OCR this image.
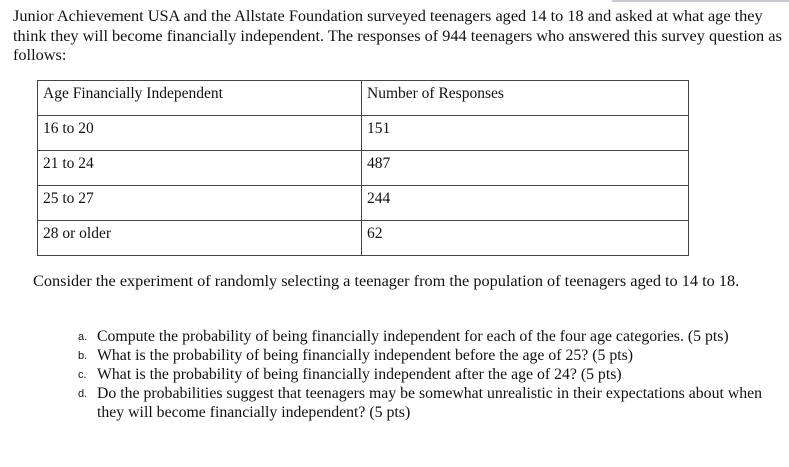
Junior Achievement USA and the Allstate Foundation surveyed teenagers aged 14 to 18 and asked at what age they think they will become financially independent. The responses of 944 teenagers who answered this survey question as follows:

Age Financially Independent	Number of Responses
16 to 20	151
21 to 24	487
25 to 27	244
28 or older	62

Consider the experiment of randomly selecting a teenager from the population of teenagers aged to 14 to 18.

a. Compute the probability of being financially independent for each of the four age categories. (5 pts)
b. What is the probability of being financially independent before the age of 25? (5 pts)
c. What is the probability of being financially independent after the age of 24? (5 pts)
d. Do the probabilities suggest that teenagers may be somewhat unrealistic in their expectations about when they will become financially independent? (5 pts)
